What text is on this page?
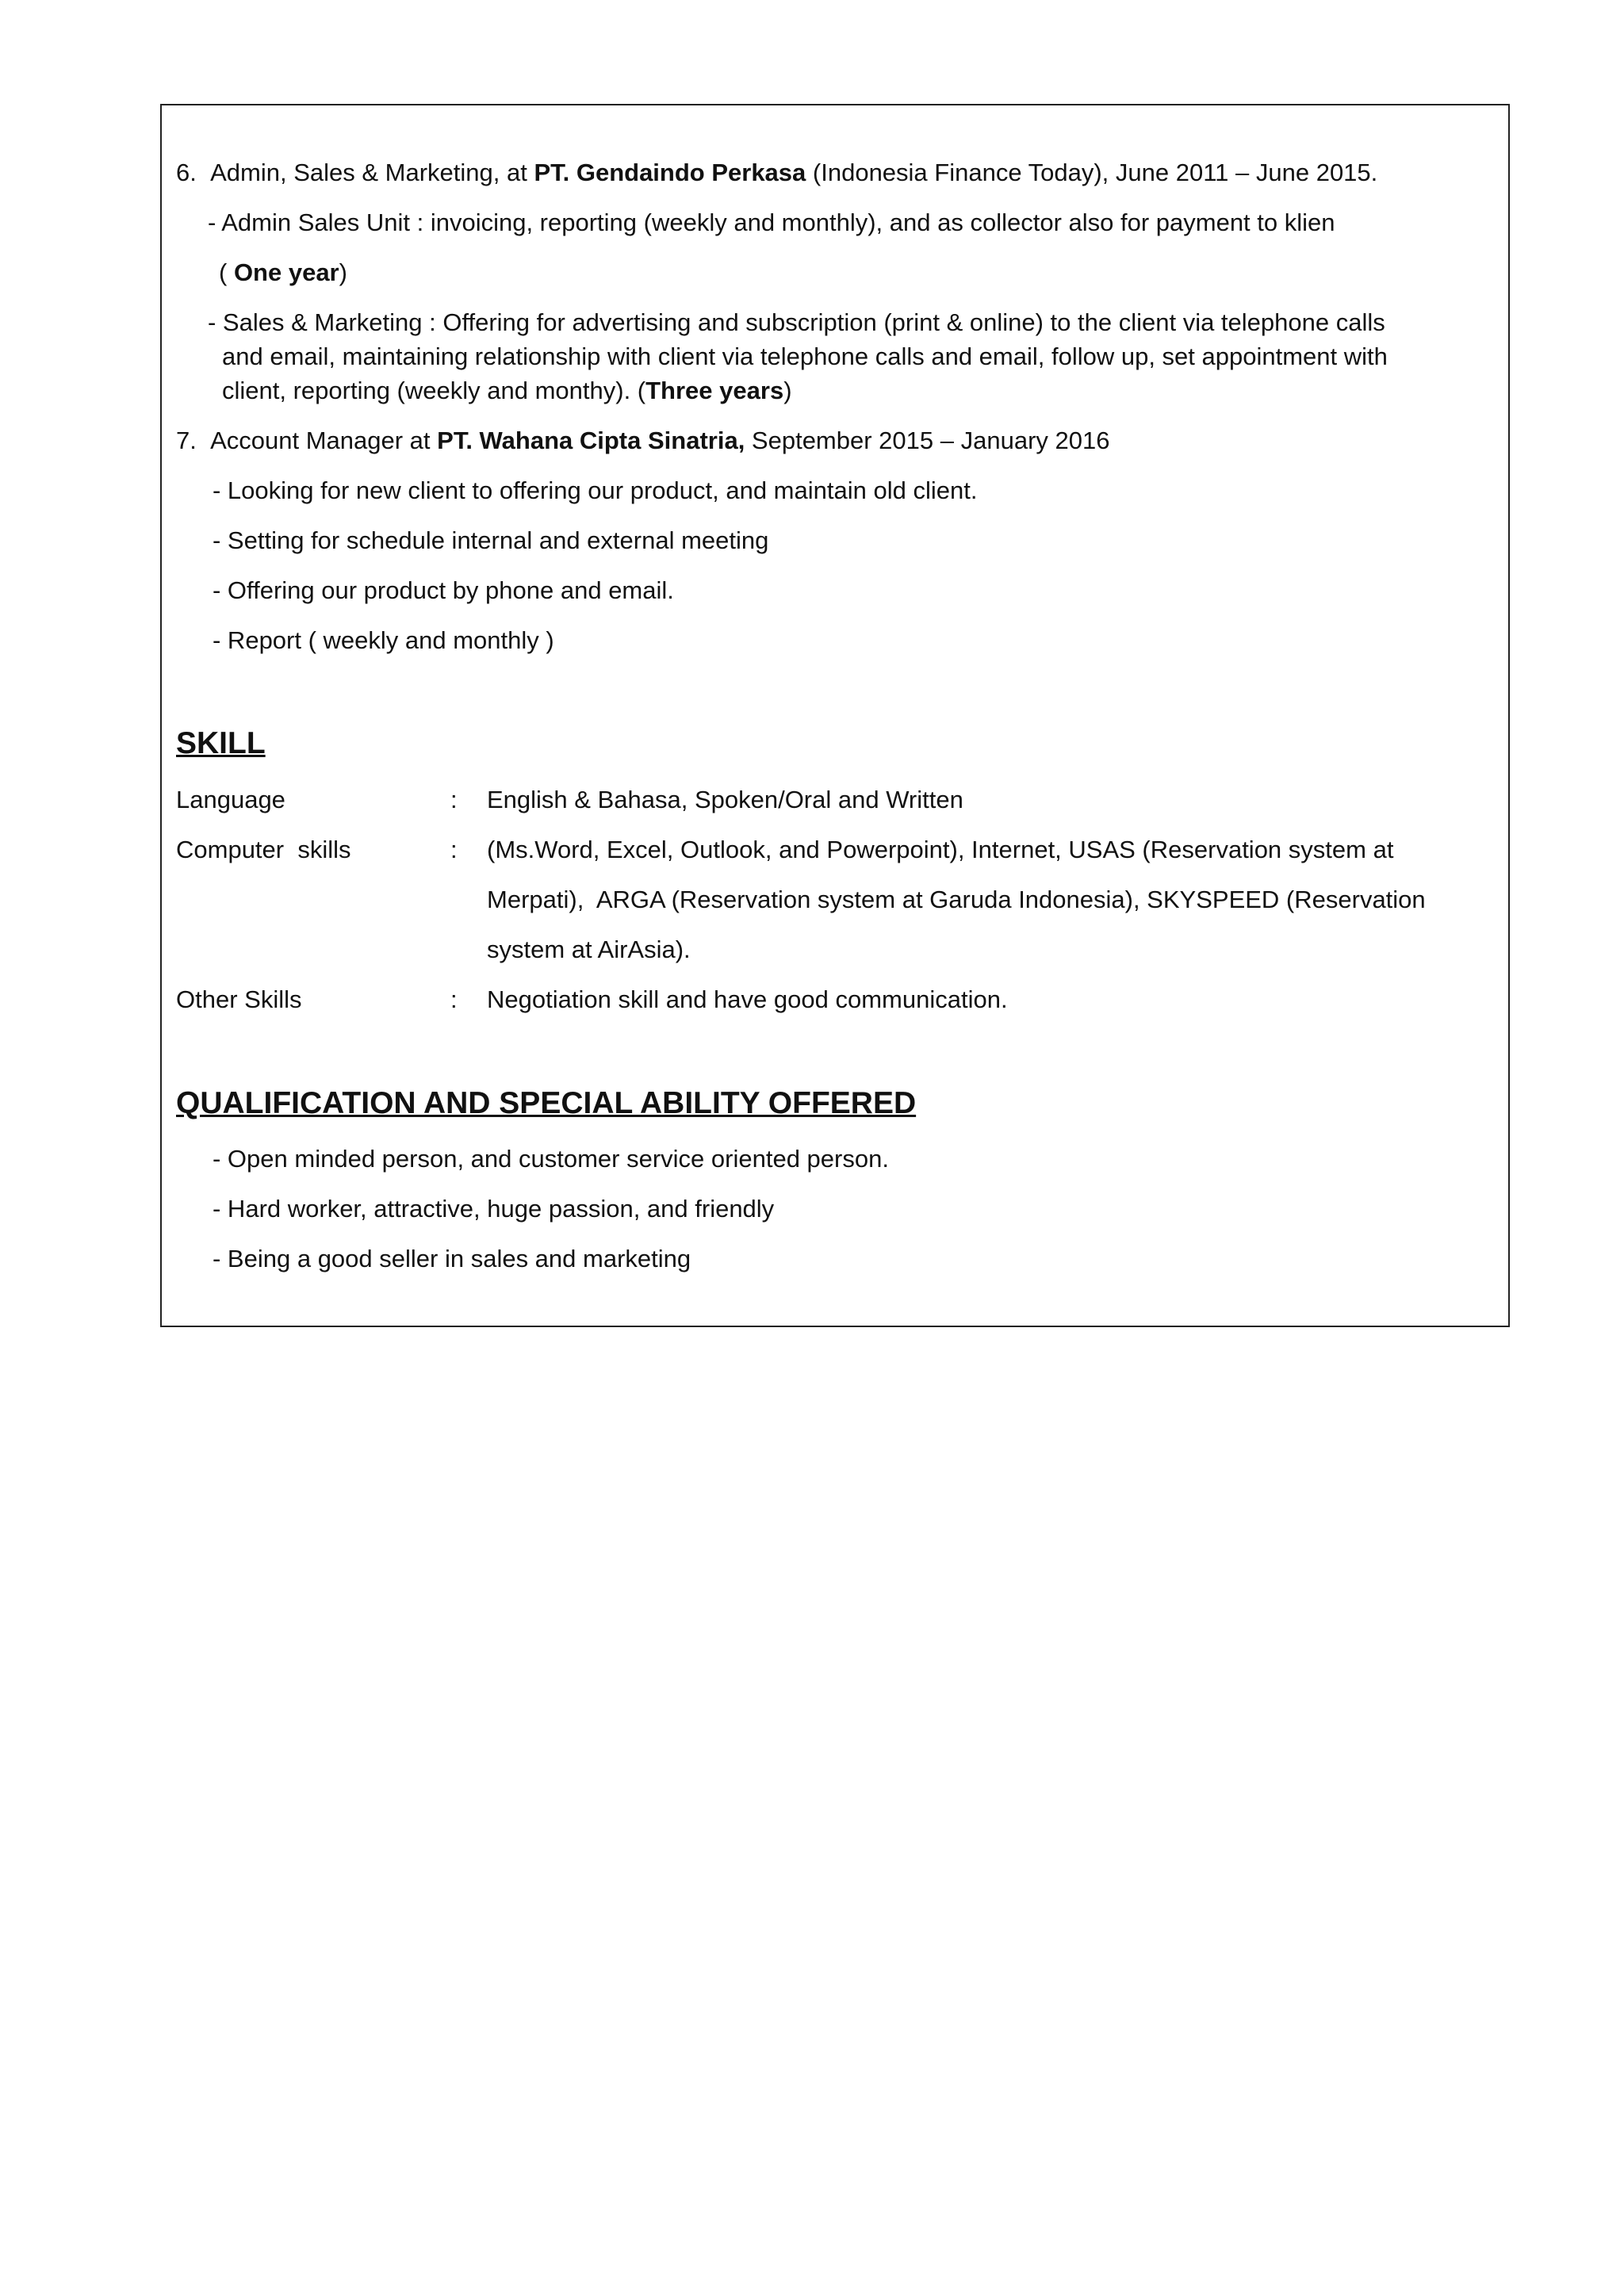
6. Admin, Sales & Marketing, at PT. Gendaindo Perkasa (Indonesia Finance Today), June 2011 – June 2015.
- Admin Sales Unit : invoicing, reporting (weekly and monthly), and as collector also for payment to klien
( One year)
- Sales & Marketing : Offering for advertising and subscription (print & online) to the client via telephone calls
and email, maintaining relationship with client via telephone calls and email, follow up, set appointment with
client, reporting (weekly and monthy). (Three years)
7. Account Manager at PT. Wahana Cipta Sinatria, September 2015 – January 2016
- Looking for new client to offering our product, and maintain old client.
- Setting for schedule internal and external meeting
- Offering our product by phone and email.
- Report ( weekly and monthly )
SKILL
Language	: English & Bahasa, Spoken/Oral and Written
Computer  skills	: (Ms.Word, Excel, Outlook, and Powerpoint), Internet, USAS (Reservation system at
Merpati),  ARGA (Reservation system at Garuda Indonesia), SKYSPEED (Reservation
system at AirAsia).
Other Skills	: Negotiation skill and have good communication.
QUALIFICATION AND SPECIAL ABILITY OFFERED
- Open minded person, and customer service oriented person.
- Hard worker, attractive, huge passion, and friendly
- Being a good seller in sales and marketing
